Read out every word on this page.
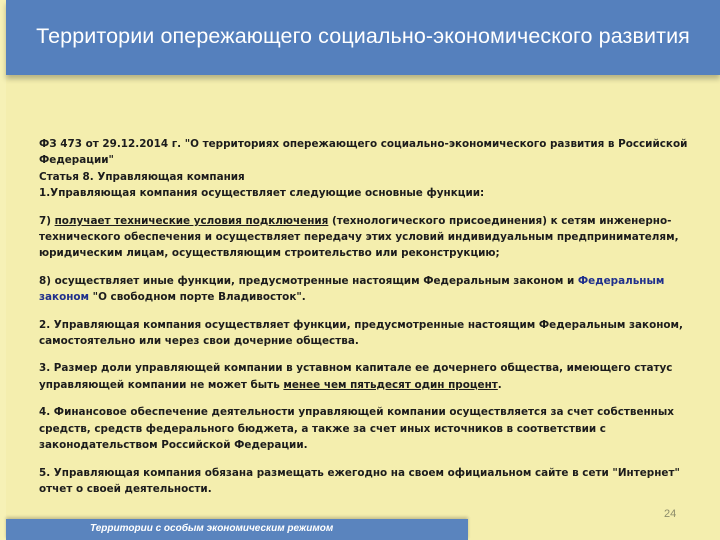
Территории опережающего социально-экономического развития

ФЗ 473 от 29.12.2014 г. "О территориях опережающего социально-экономического развития в Российской Федерации"

Статья 8. Управляющая компания

1.Управляющая компания осуществляет следующие основные функции:

7) получает технические условия подключения (технологического присоединения) к сетям инженерно-технического обеспечения и осуществляет передачу этих условий индивидуальным предпринимателям, юридическим лицам, осуществляющим строительство или реконструкцию;

8) осуществляет иные функции, предусмотренные настоящим Федеральным законом и Федеральным законом "О свободном порте Владивосток".

2. Управляющая компания осуществляет функции, предусмотренные настоящим Федеральным законом, самостоятельно или через свои дочерние общества.

3. Размер доли управляющей компании в уставном капитале ее дочернего общества, имеющего статус управляющей компании не может быть менее чем пятьдесят один процент.

4. Финансовое обеспечение деятельности управляющей компании осуществляется за счет собственных средств, средств федерального бюджета, а также за счет иных источников в соответствии с законодательством Российской Федерации.

5. Управляющая компания обязана размещать ежегодно на своем официальном сайте в сети "Интернет" отчет о своей деятельности.

24
Территории с особым экономическим режимом
